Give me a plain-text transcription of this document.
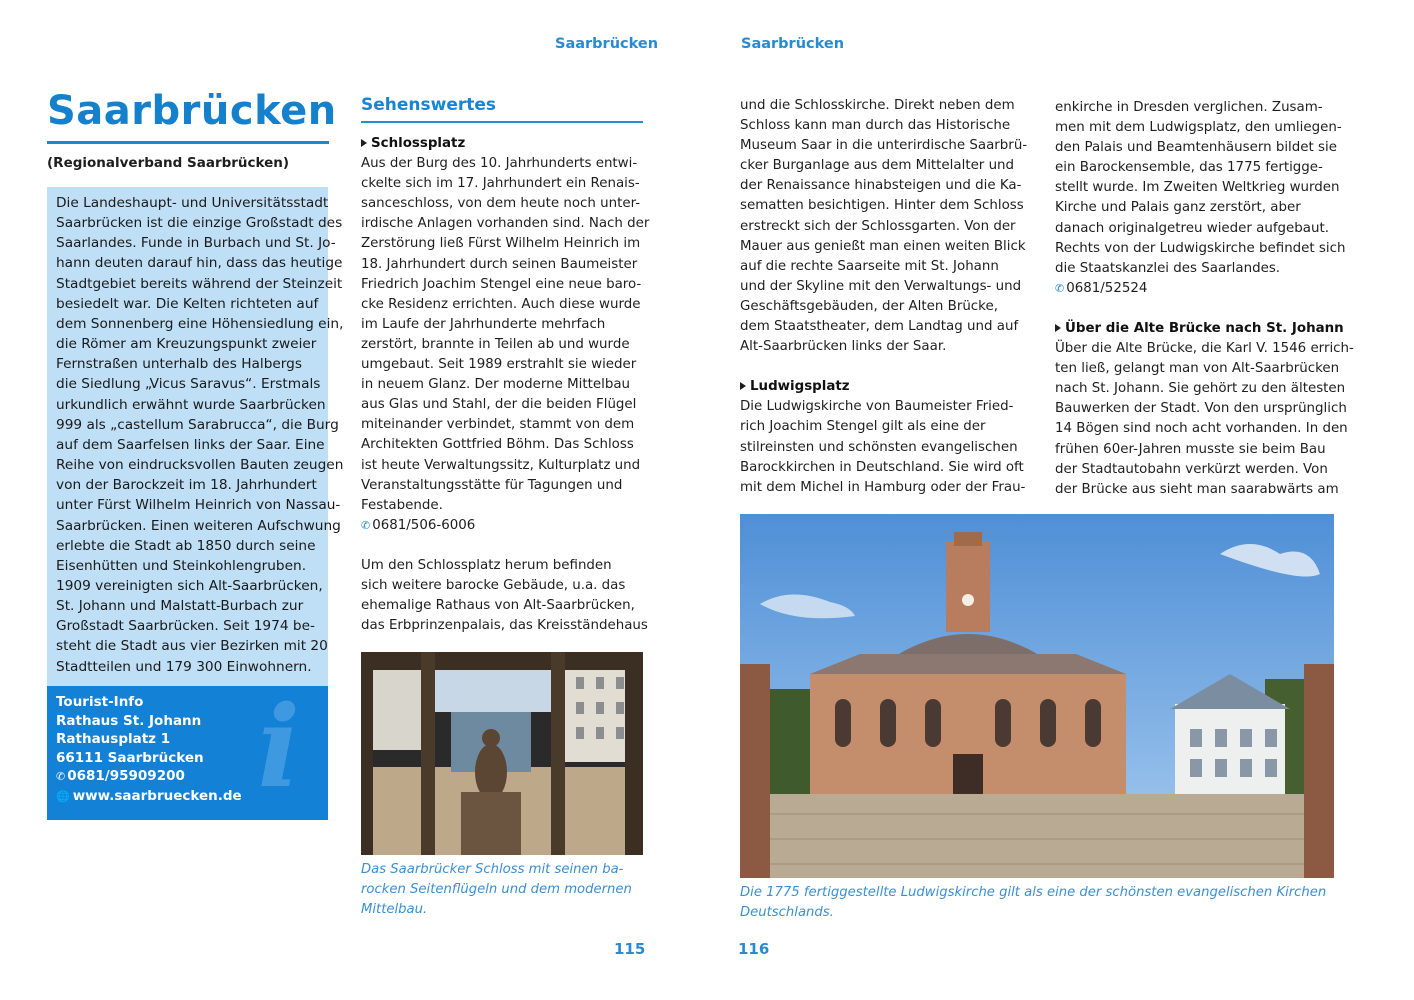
Saarbrücken
Saarbrücken
(Regionalverband Saarbrücken)
Die Landeshaupt- und Universitätsstadt
Saarbrücken ist die einzige Großstadt des
Saarlandes. Funde in Burbach und St. Jo-
hann deuten darauf hin, dass das heutige
Stadtgebiet bereits während der Steinzeit
besiedelt war. Die Kelten richteten auf
dem Sonnenberg eine Höhensiedlung ein,
die Römer am Kreuzungspunkt zweier
Fernstraßen unterhalb des Halbergs
die Siedlung „Vicus Saravus“. Erstmals
urkundlich erwähnt wurde Saarbrücken
999 als „castellum Sarabrucca“, die Burg
auf dem Saarfelsen links der Saar. Eine
Reihe von eindrucksvollen Bauten zeugen
von der Barockzeit im 18. Jahrhundert
unter Fürst Wilhelm Heinrich von Nassau-
Saarbrücken. Einen weiteren Aufschwung
erlebte die Stadt ab 1850 durch seine
Eisenhütten und Steinkohlengruben.
1909 vereinigten sich Alt-Saarbrücken,
St. Johann und Malstatt-Burbach zur
Großstadt Saarbrücken. Seit 1974 be-
steht die Stadt aus vier Bezirken mit 20
Stadtteilen und 179 300 Einwohnern.
i
Tourist-Info
Rathaus St. Johann
Rathausplatz 1
66111 Saarbrücken
✆ 0681/95909200
🌐 www.saarbruecken.de
Sehenswertes
Schlossplatz
Aus der Burg des 10. Jahrhunderts entwi-
ckelte sich im 17. Jahrhundert ein Renais-
sanceschloss, von dem heute noch unter-
irdische Anlagen vorhanden sind. Nach der
Zerstörung ließ Fürst Wilhelm Heinrich im
18. Jahrhundert durch seinen Baumeister
Friedrich Joachim Stengel eine neue baro-
cke Residenz errichten. Auch diese wurde
im Laufe der Jahrhunderte mehrfach
zerstört, brannte in Teilen ab und wurde
umgebaut. Seit 1989 erstrahlt sie wieder
in neuem Glanz. Der moderne Mittelbau
aus Glas und Stahl, der die beiden Flügel
miteinander verbindet, stammt von dem
Architekten Gottfried Böhm. Das Schloss
ist heute Verwaltungssitz, Kulturplatz und
Veranstaltungsstätte für Tagungen und
Festabende.
✆ 0681/506-6006
Um den Schlossplatz herum befinden
sich weitere barocke Gebäude, u.a. das
ehemalige Rathaus von Alt-Saarbrücken,
das Erbprinzenpalais, das Kreisständehaus
Das Saarbrücker Schloss mit seinen ba-
rocken Seitenflügeln und dem modernen
Mittelbau.
115
Saarbrücken
und die Schlosskirche. Direkt neben dem
Schloss kann man durch das Historische
Museum Saar in die unterirdische Saarbrü-
cker Burganlage aus dem Mittelalter und
der Renaissance hinabsteigen und die Ka-
sematten besichtigen. Hinter dem Schloss
erstreckt sich der Schlossgarten. Von der
Mauer aus genießt man einen weiten Blick
auf die rechte Saarseite mit St. Johann
und der Skyline mit den Verwaltungs- und
Geschäftsgebäuden, der Alten Brücke,
dem Staatstheater, dem Landtag und auf
Alt-Saarbrücken links der Saar.
Ludwigsplatz
Die Ludwigskirche von Baumeister Fried-
rich Joachim Stengel gilt als eine der
stilreinsten und schönsten evangelischen
Barockkirchen in Deutschland. Sie wird oft
mit dem Michel in Hamburg oder der Frau-
enkirche in Dresden verglichen. Zusam-
men mit dem Ludwigsplatz, den umliegen-
den Palais und Beamtenhäusern bildet sie
ein Barockensemble, das 1775 fertigge-
stellt wurde. Im Zweiten Weltkrieg wurden
Kirche und Palais ganz zerstört, aber
danach originalgetreu wieder aufgebaut.
Rechts von der Ludwigskirche befindet sich
die Staatskanzlei des Saarlandes.
✆ 0681/52524
Über die Alte Brücke nach St. Johann
Über die Alte Brücke, die Karl V. 1546 errich-
ten ließ, gelangt man von Alt-Saarbrücken
nach St. Johann. Sie gehört zu den ältesten
Bauwerken der Stadt. Von den ursprünglich
14 Bögen sind noch acht vorhanden. In den
frühen 60er-Jahren musste sie beim Bau
der Stadtautobahn verkürzt werden. Von
der Brücke aus sieht man saarabwärts am
Die 1775 fertiggestellte Ludwigskirche gilt als eine der schönsten evangelischen Kirchen
Deutschlands.
116
